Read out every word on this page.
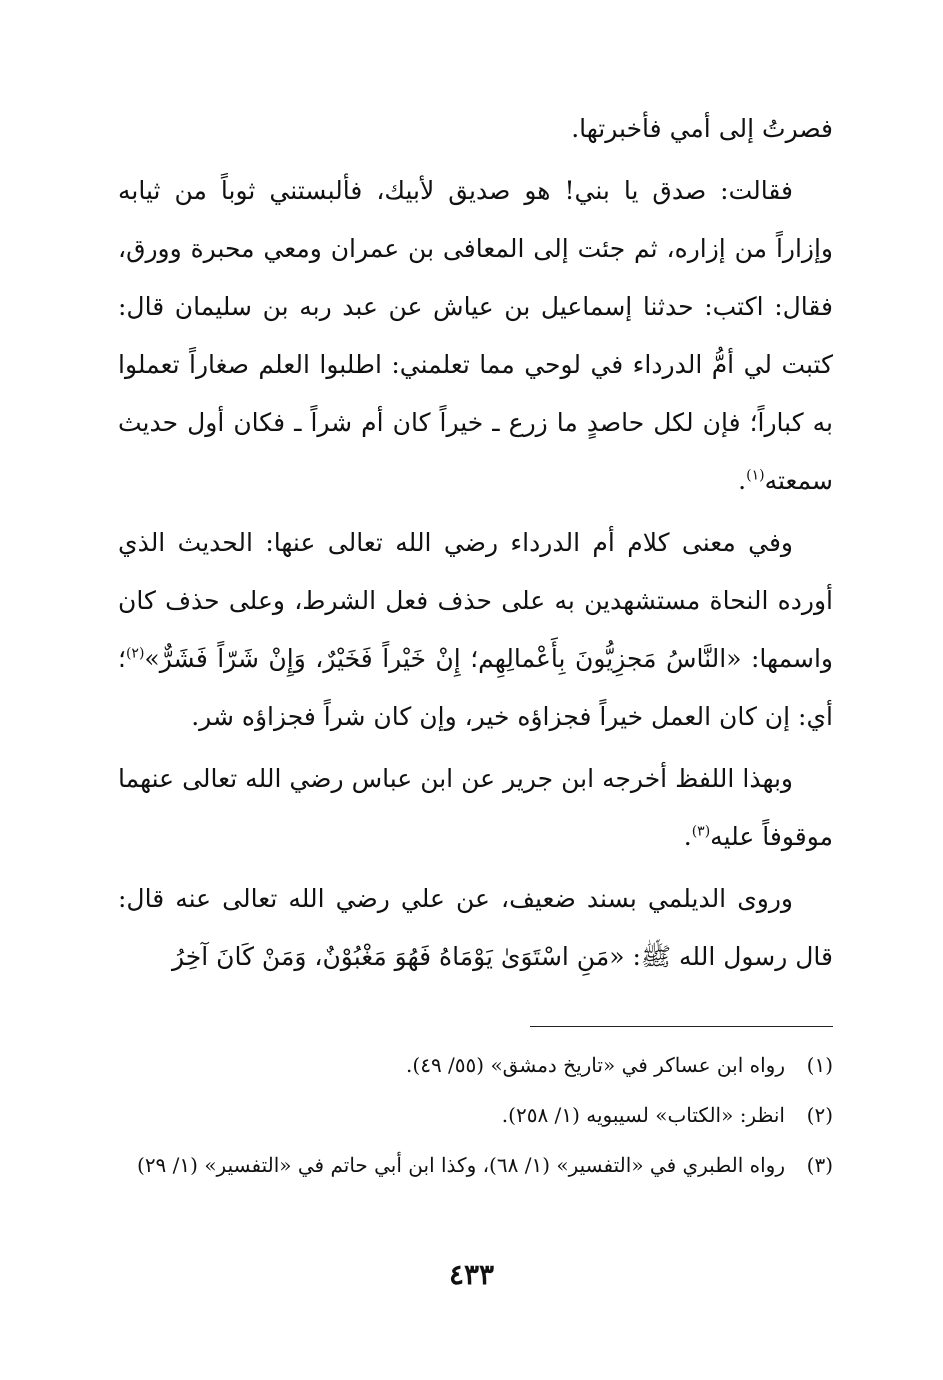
فصرتُ إلى أمي فأخبرتها.

فقالت: صدق يا بني! هو صديق لأبيك، فألبستني ثوباً من ثيابه وإزاراً من إزاره، ثم جئت إلى المعافى بن عمران ومعي محبرة وورق، فقال: اكتب: حدثنا إسماعيل بن عياش عن عبد ربه بن سليمان قال: كتبت لي أمُّ الدرداء في لوحي مما تعلمني: اطلبوا العلم صغاراً تعملوا به كباراً؛ فإن لكل حاصدٍ ما زرع ـ خيراً كان أم شراً ـ فكان أول حديث سمعته$^{(١)}$.

وفي معنى كلام أم الدرداء رضي الله تعالى عنها: الحديث الذي أورده النحاة مستشهدين به على حذف فعل الشرط، وعلى حذف كان واسمها: «النَّاسُ مَجزِيُّونَ بِأَعْمالِهِم؛ إِنْ خَيْراً فَخَيْرٌ، وَإِنْ شَرّاً فَشَرٌّ»$^{(٢)}$؛ أي: إن كان العمل خيراً فجزاؤه خير، وإن كان شراً فجزاؤه شر.

وبهذا اللفظ أخرجه ابن جرير عن ابن عباس رضي الله تعالى عنهما موقوفاً عليه$^{(٣)}$.

وروى الديلمي بسند ضعيف، عن علي رضي الله تعالى عنه قال: قال رسول الله ﷺ: «مَنِ اسْتَوَىٰ يَوْمَاهُ فَهُوَ مَغْبُوْنٌ، وَمَنْ كَانَ آخِرُ

(١)
رواه ابن عساكر في «تاريخ دمشق» (٥٥/ ٤٩).
(٢)
انظر: «الكتاب» لسيبويه (١/ ٢٥٨).
(٣)
رواه الطبري في «التفسير» (١/ ٦٨)، وكذا ابن أبي حاتم في «التفسير» (١/ ٢٩)
٤٣٣
